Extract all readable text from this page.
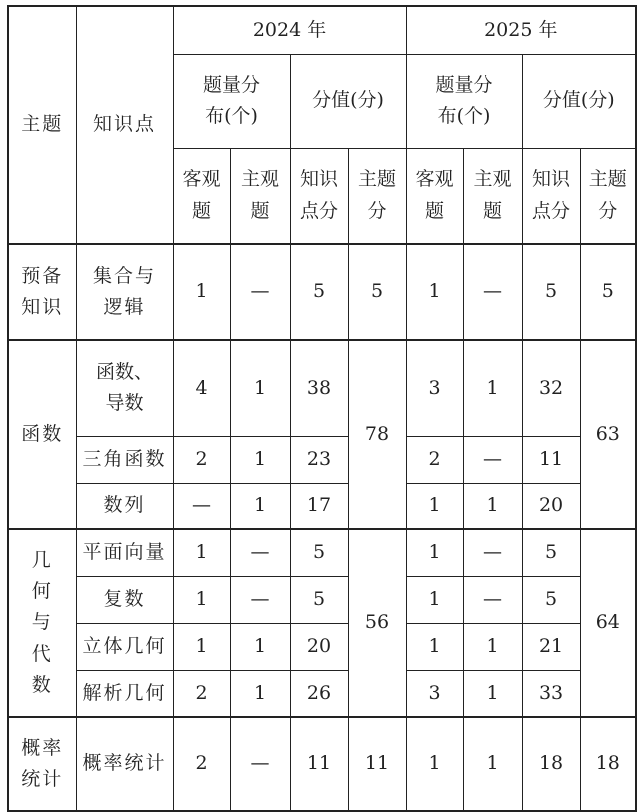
主题	知识点	2024 年				2025 年			
		题量分布(个)		分值(分)		题量分布(个)		分值(分)	
		客观题	主观题	知识点分	主题分	客观题	主观题	知识点分	主题分
预备知识	集合与逻辑	1	—	5	5	1	—	5	5
函数	函数、导数	4	1	38	78	3	1	32	63
	三角函数	2	1	23		2	—	11	
	数列	—	1	17		1	1	20	
几何与代数	平面向量	1	—	5	56	1	—	5	64
	复数	1	—	5		1	—	5	
	立体几何	1	1	20		1	1	21	
	解析几何	2	1	26		3	1	33	
概率统计	概率统计	2	—	11	11	1	1	18	18
